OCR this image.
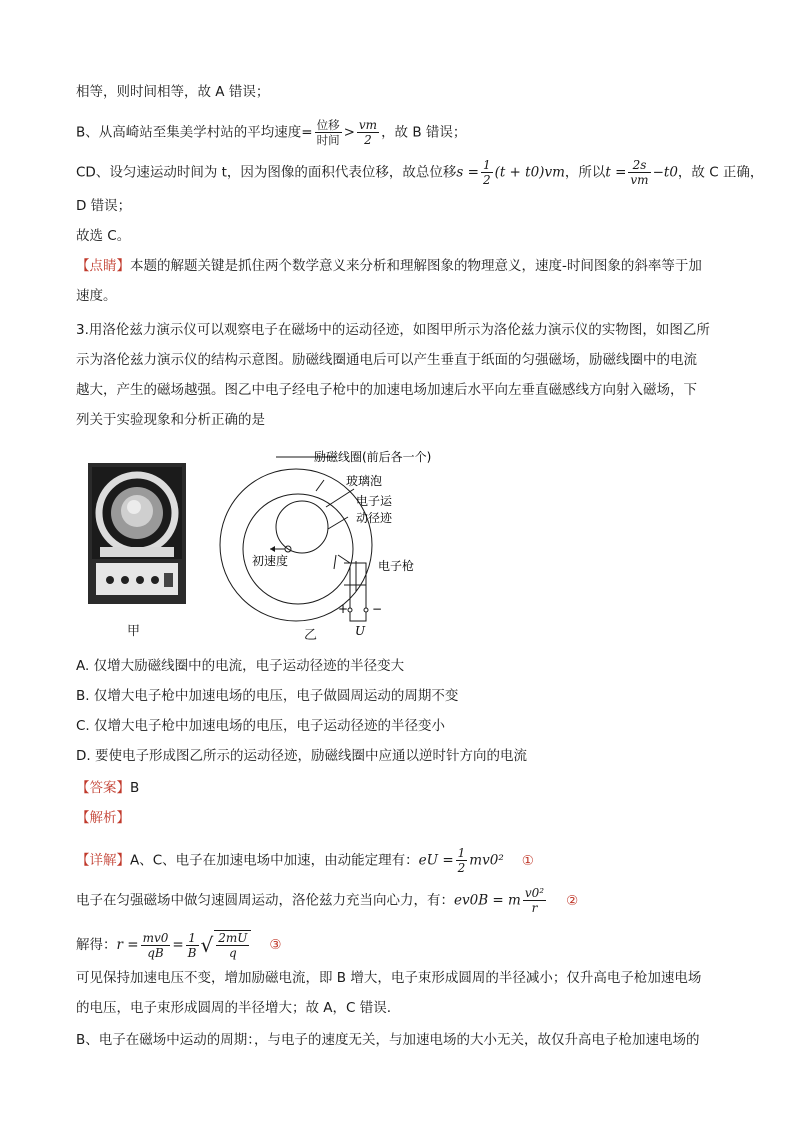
相等，则时间相等，故 A 错误；
B、从高崎站至集美学村站的平均速度= $\frac{\text{位移}}{\text{时间}} > \frac{vm}{2}$ ，故 B 错误；
CD、设匀速运动时间为 t，因为图像的面积代表位移，故总位移$s = \frac{1}{2} (t + t0)vm$，所以$t = \frac{2s}{vm} -t0$，故 C 正确，
D 错误；
故选 C。
【点睛】本题的解题关键是抓住两个数学意义来分析和理解图象的物理意义，速度-时间图象的斜率等于加
速度。
3.用洛伦兹力演示仪可以观察电子在磁场中的运动径迹，如图甲所示为洛伦兹力演示仪的实物图，如图乙所
示为洛伦兹力演示仪的结构示意图。励磁线圈通电后可以产生垂直于纸面的匀强磁场，励磁线圈中的电流
越大，产生的磁场越强。图乙中电子经电子枪中的加速电场加速后水平向左垂直磁感线方向射入磁场，下
列关于实验现象和分析正确的是
甲
励磁线圈(前后各一个)
玻璃泡
电子运
动径迹
初速度	电子枪
+ −
U
乙
A. 仅增大励磁线圈中的电流，电子运动径迹的半径变大
B. 仅增大电子枪中加速电场的电压，电子做圆周运动的周期不变
C. 仅增大电子枪中加速电场的电压，电子运动径迹的半径变小
D. 要使电子形成图乙所示的运动径迹，励磁线圈中应通以逆时针方向的电流
【答案】B
【解析】
【详解】A、C、电子在加速电场中加速，由动能定理有：eU = $\frac{1}{2} mv0^2$ ①
电子在匀强磁场中做匀速圆周运动，洛伦兹力充当向心力，有：ev0B = m $\frac{\text{v0²}}{r}$ ②
解得：$r = \frac{mv0}{qB} = \frac{1}{B}$ √ $\frac{2mU}{q}$ ③
可见保持加速电压不变，增加励磁电流，即 B 增大，电子束形成圆周的半径减小；仅升高电子枪加速电场
的电压，电子束形成圆周的半径增大；故 A，C 错误.
B、电子在磁场中运动的周期：，与电子的速度无关，与加速电场的大小无关，故仅升高电子枪加速电场的
